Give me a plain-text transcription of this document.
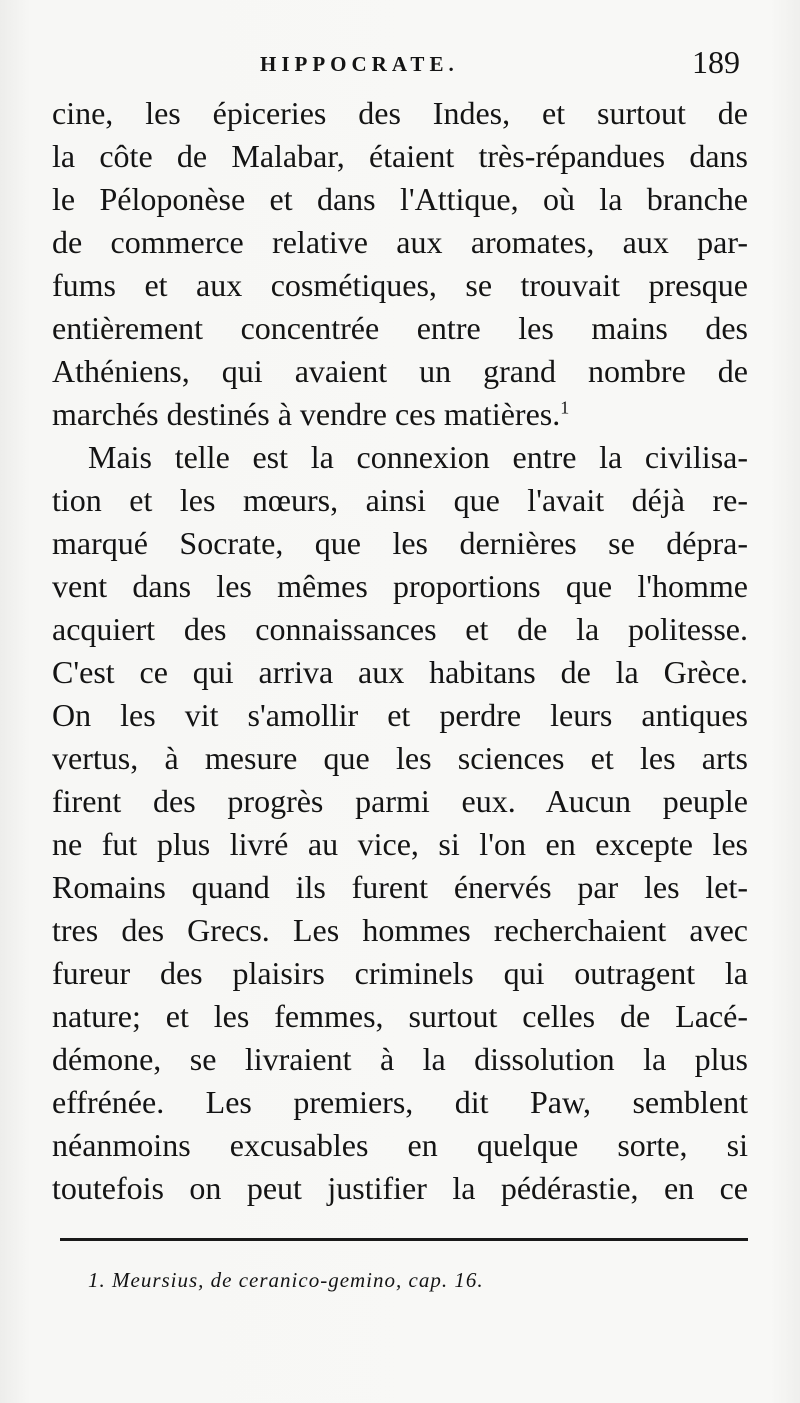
HIPPOCRATE.	189
cine, les épiceries des Indes, et surtout de
la côte de Malabar, étaient très-répandues dans
le Péloponèse et dans l'Attique, où la branche
de commerce relative aux aromates, aux par-
fums et aux cosmétiques, se trouvait presque
entièrement concentrée entre les mains des
Athéniens, qui avaient un grand nombre de
marchés destinés à vendre ces matières.$^1$
Mais telle est la connexion entre la civilisa-
tion et les mœurs, ainsi que l'avait déjà re-
marqué Socrate, que les dernières se dépra-
vent dans les mêmes proportions que l'homme
acquiert des connaissances et de la politesse.
C'est ce qui arriva aux habitans de la Grèce.
On les vit s'amollir et perdre leurs antiques
vertus, à mesure que les sciences et les arts
firent des progrès parmi eux. Aucun peuple
ne fut plus livré au vice, si l'on en excepte les
Romains quand ils furent énervés par les let-
tres des Grecs. Les hommes recherchaient avec
fureur des plaisirs criminels qui outragent la
nature; et les femmes, surtout celles de Lacé-
démone, se livraient à la dissolution la plus
effrénée. Les premiers, dit Paw, semblent
néanmoins excusables en quelque sorte, si
toutefois on peut justifier la pédérastie, en ce
1. Meursius, de ceranico-gemino, cap. 16.
